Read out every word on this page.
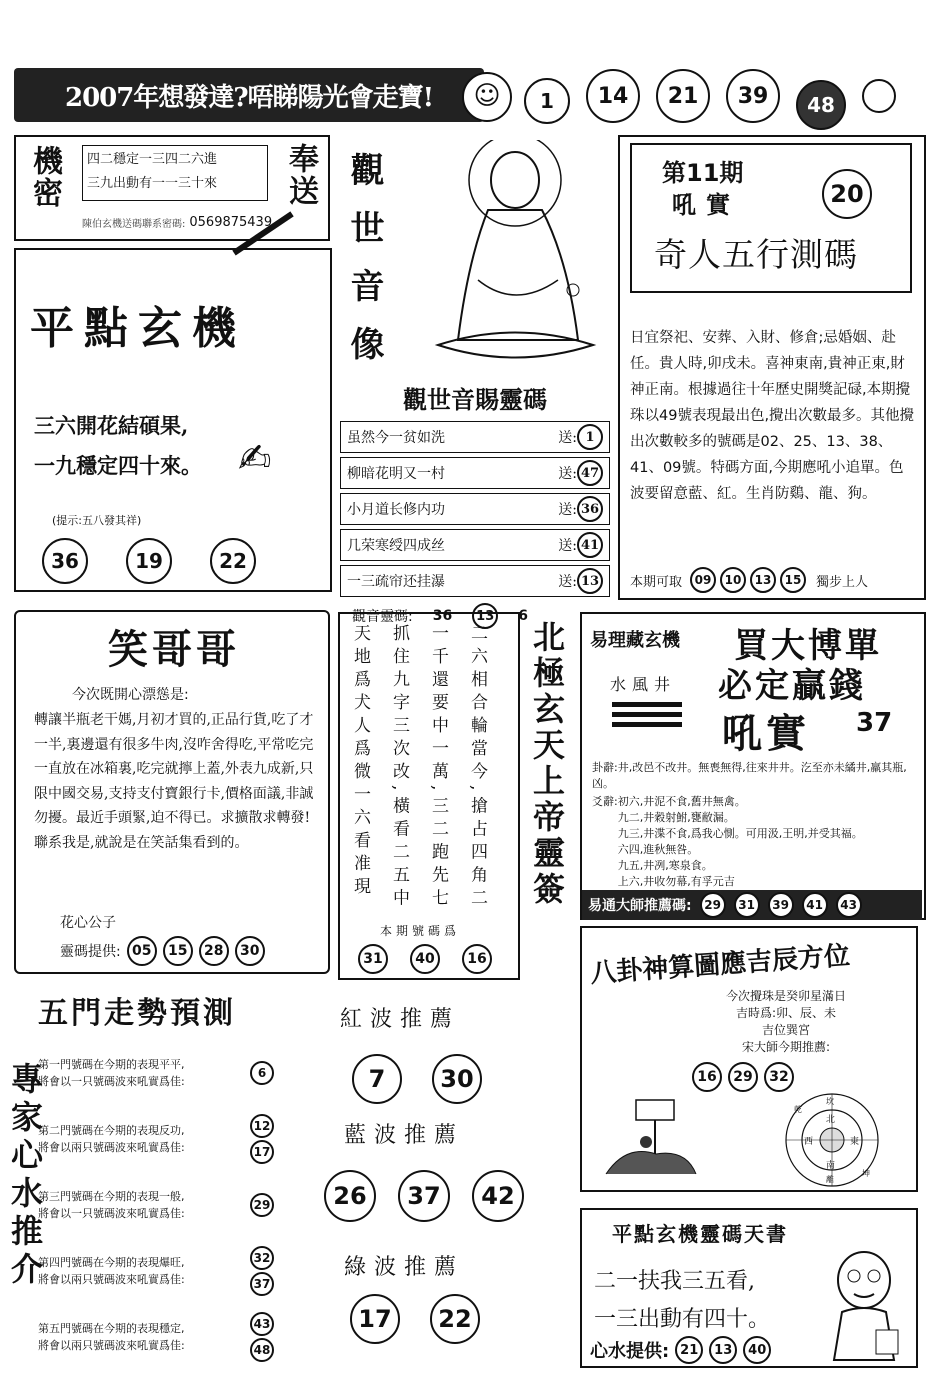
2007年想發達?唔睇陽光會走寶!	☺	1	14	21	39	48
機密	奉送
四二穩定一三四二六進
三九出動有一一三十來
陳伯玄機送碼聯系密碼: 0569875439
平點玄機
三六開花結碩果,
一九穩定四十來。 ✍
(提示:五八發其祥)
36	19	22
觀世音像
觀世音賜靈碼
虽然今一贫如洗	送: 1
柳暗花明又一村	送: 47
小月道长修内功	送: 36
几荣寒绶四成丝	送: 41
一三疏帘还挂瀑	送: 13
觀音靈碼: 36	13 6
第11期
吼實	20
奇人五行測碼
日宜祭祀、安葬、入財、修倉;忌婚姻、赴任。貴人時,卯戌未。喜神東南,貴神正東,財神正南。根據過往十年歷史開獎記碌,本期攪珠以49號表現最出色,攪出次數最多。其他攪出次數較多的號碼是02、25、13、38、41、09號。特碼方面,今期應吼小追單。色波要留意藍、紅。生肖防鷄、龍、狗。
本期可取	09	10	13	15	獨步上人
笑哥哥
今次既開心漂慫是:
轉讓半瓶老干媽,月初才買的,正品行貨,吃了才一半,裏邊還有很多牛肉,沒咋舍得吃,平常吃完一直放在冰箱裏,吃完就擰上蓋,外表九成新,只限中國交易,支持支付寶銀行卡,價格面議,非誠勿擾。最近手頭緊,迫不得已。求擴散求轉發!聯系我是,就說是在笑話集看到的。
花心公子
靈碼提供: 05	15	28	30
天地爲犬人爲微一六看准現 抓住九字三次改,橫看二五中 一千還要中一萬,三二跑先七 二六相合輪當今,搶占四角二
本期號碼爲
31	40	16
北極玄天上帝靈簽 易理藏玄機 買大博單
必定贏錢
水風井
吼實 37
卦辭:井,改邑不改井。無喪無得,往來井井。汔至亦未繘井,羸其瓶,凶。
爻辭: 初六,井泥不食,舊井無禽。
九二,井穀射鮒,甕敝漏。
九三,井渫不食,爲我心惻。可用汲,王明,并受其福。
六四,進秋無咎。
九五,井冽,寒泉食。
上六,井收勿幕,有孚元吉
易通大師推薦碼:	29	31	39	41	43
八卦神算圖應吉辰方位
今次攪珠是癸卯星滿日
吉時爲:卯、辰、未
吉位巽宮
宋大師今期推薦:
16	29	32
北
南
東
西
乾
坤
坎
離
五門走勢預測
專家心水推介
第一門號碼在今期的表現平平,
將會以一只號碼波來吼實爲佳:
6
第二門號碼在今期的表現反功,
將會以兩只號碼波來吼實爲佳:
12
17
第三門號碼在今期的表現一般,
將會以一只號碼波來吼實爲佳:
29
第四門號碼在今期的表現爆旺,
將會以兩只號碼波來吼實爲佳:
32
37
第五門號碼在今期的表現穩定,
將會以兩只號碼波來吼實爲佳:
43
48
紅波推薦
7	30
藍波推薦
26	37	42
綠波推薦
17	22
平點玄機靈碼天書
二一扶我三五看,
一三出動有四十。
心水提供: 21	13	40
